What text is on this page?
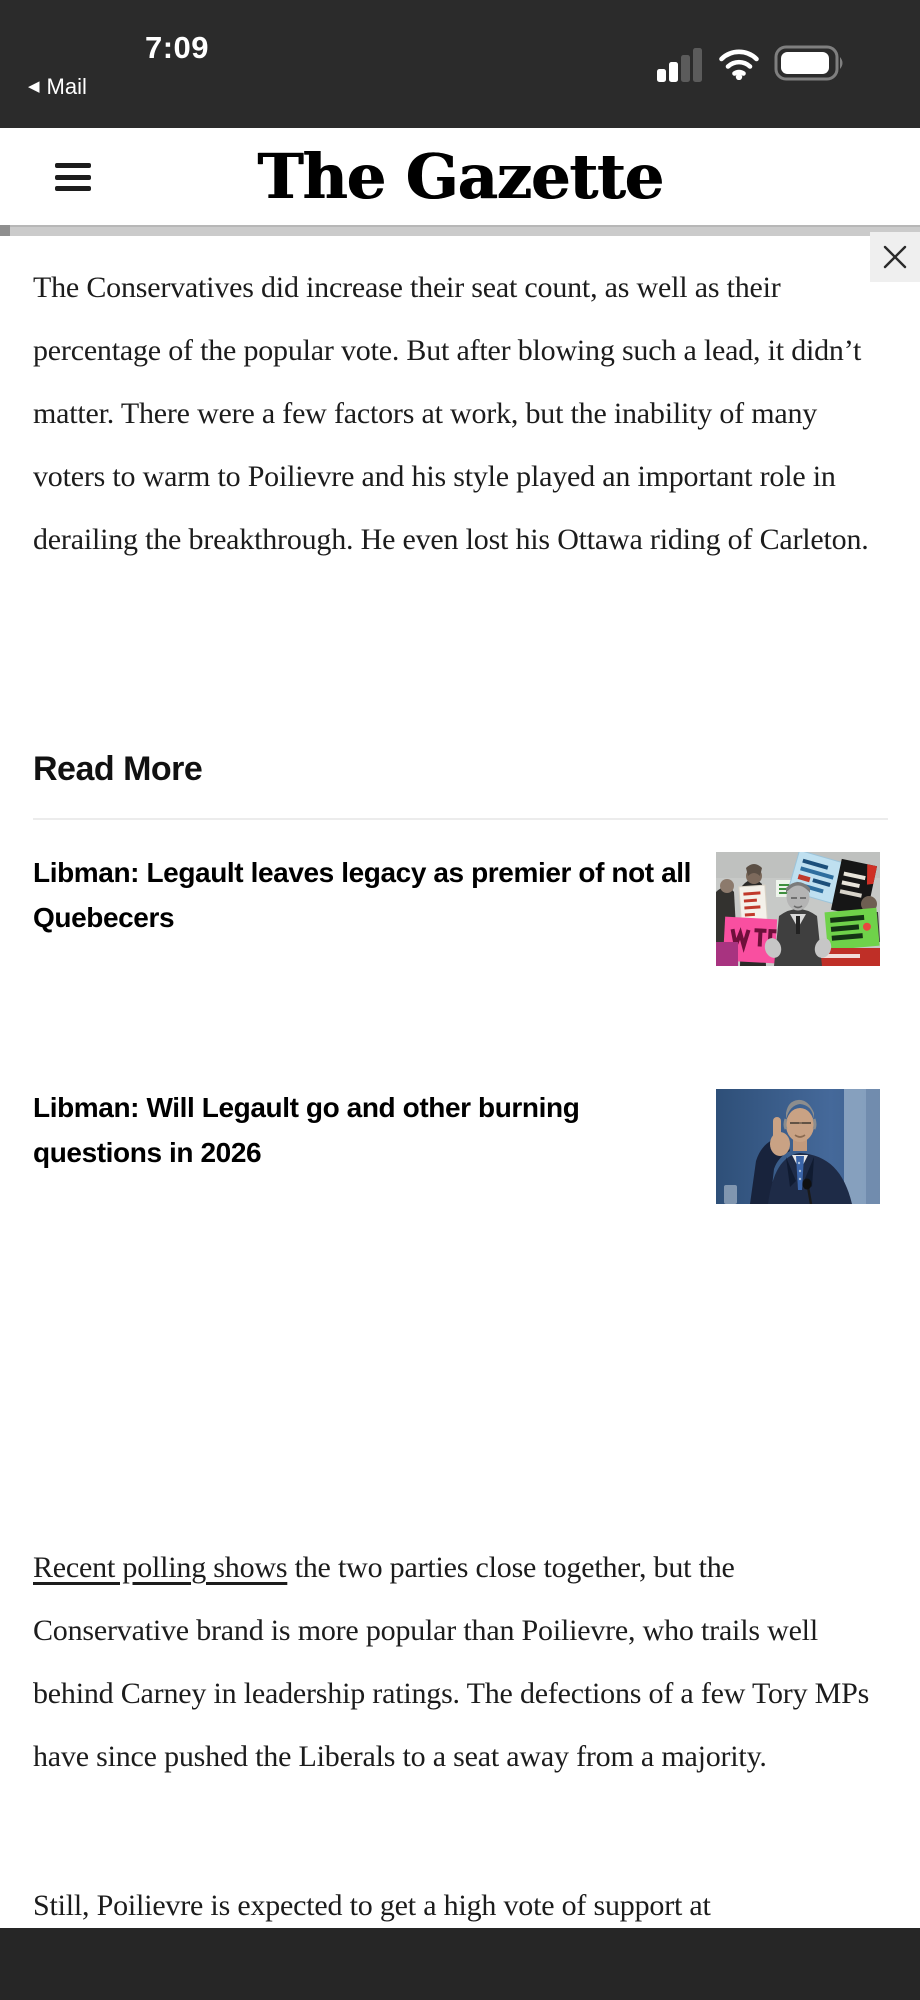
7:09
◀ Mail
The Gazette

The Conservatives did increase their seat count, as well as their percentage of the popular vote. But after blowing such a lead, it didn’t matter. There were a few factors at work, but the inability of many voters to warm to Poilievre and his style played an important role in derailing the breakthrough. He even lost his Ottawa riding of Carleton.

Read More
Libman: Legault leaves legacy as premier of not all Quebecers
Libman: Will Legault go and other burning questions in 2026

Recent polling shows the two parties close together, but the Conservative brand is more popular than Poilievre, who trails well behind Carney in leadership ratings. The defections of a few Tory MPs have since pushed the Liberals to a seat away from a majority.

Still, Poilievre is expected to get a high vote of support at
